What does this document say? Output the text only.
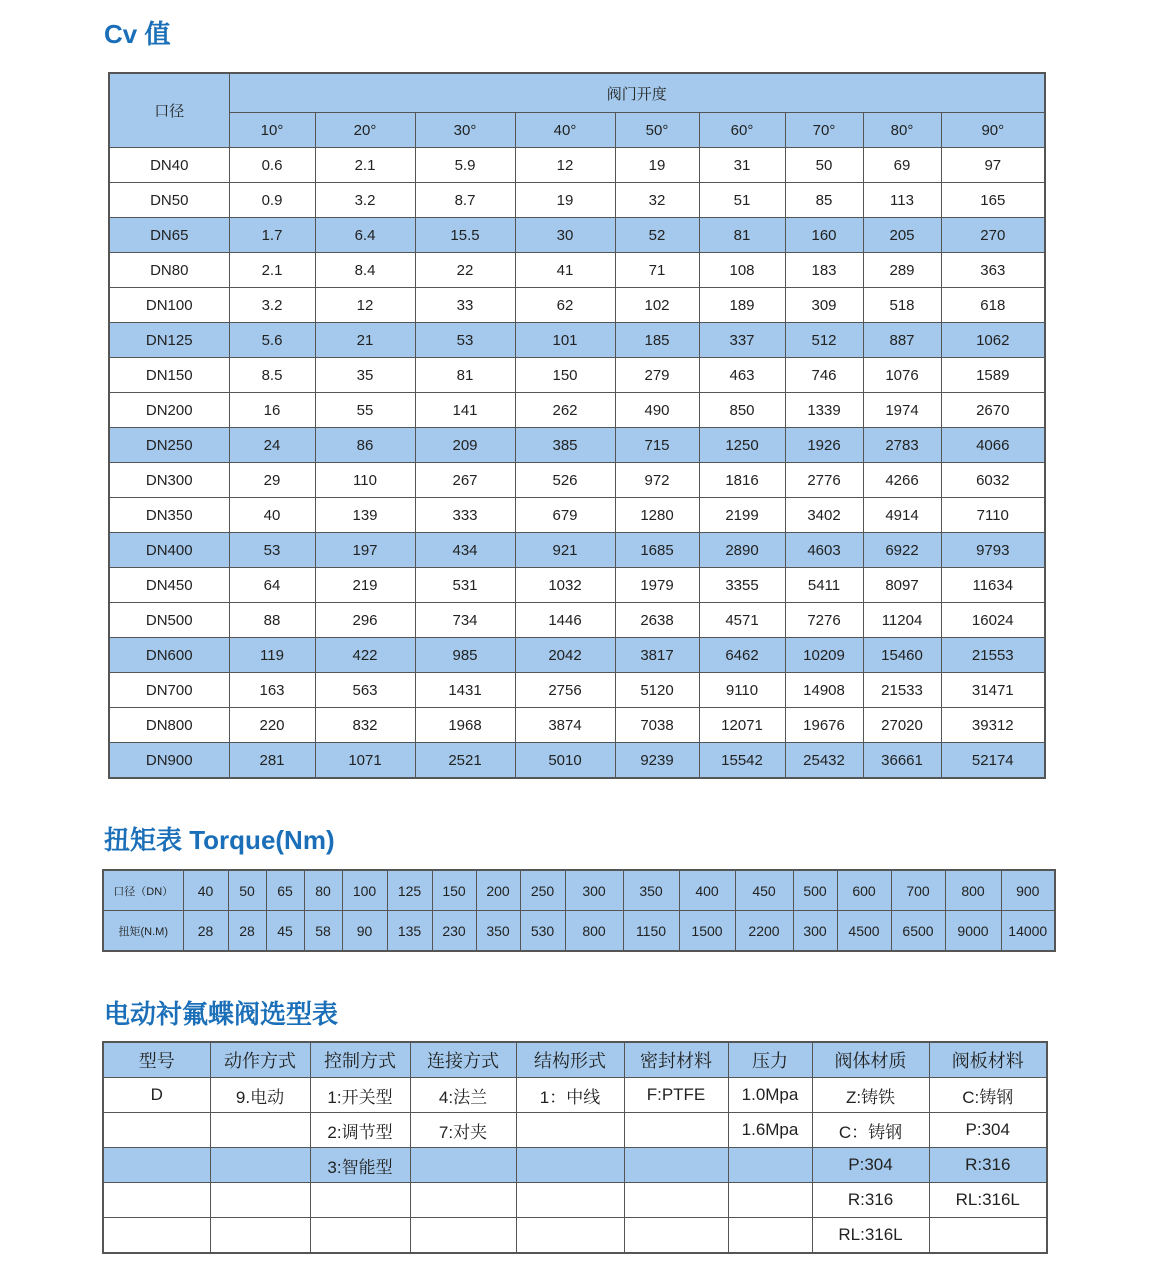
Cv 值
口径	阀门开度								
	10°	20°	30°	40°	50°	60°	70°	80°	90°
DN40	0.6	2.1	5.9	12	19	31	50	69	97
DN50	0.9	3.2	8.7	19	32	51	85	113	165
DN65	1.7	6.4	15.5	30	52	81	160	205	270
DN80	2.1	8.4	22	41	71	108	183	289	363
DN100	3.2	12	33	62	102	189	309	518	618
DN125	5.6	21	53	101	185	337	512	887	1062
DN150	8.5	35	81	150	279	463	746	1076	1589
DN200	16	55	141	262	490	850	1339	1974	2670
DN250	24	86	209	385	715	1250	1926	2783	4066
DN300	29	110	267	526	972	1816	2776	4266	6032
DN350	40	139	333	679	1280	2199	3402	4914	7110
DN400	53	197	434	921	1685	2890	4603	6922	9793
DN450	64	219	531	1032	1979	3355	5411	8097	11634
DN500	88	296	734	1446	2638	4571	7276	11204	16024
DN600	119	422	985	2042	3817	6462	10209	15460	21553
DN700	163	563	1431	2756	5120	9110	14908	21533	31471
DN800	220	832	1968	3874	7038	12071	19676	27020	39312
DN900	281	1071	2521	5010	9239	15542	25432	36661	52174
扭矩表 Torque(Nm)
口径（DN）	40	50	65	80	100	125	150	200	250	300	350	400	450	500	600	700	800	900
扭矩(N.M)	28	28	45	58	90	135	230	350	530	800	1150	1500	2200	300	4500	6500	9000	14000
电动衬氟蝶阀选型表
型号	动作方式	控制方式	连接方式	结构形式	密封材料	压力	阀体材质	阀板材料
D	9.电动	1:开关型	4:法兰	1：中线	F:PTFE	1.0Mpa	Z:铸铁	C:铸钢
		2:调节型	7:对夹			1.6Mpa	C：铸钢	P:304
		3:智能型					P:304	R:316
							R:316	RL:316L
							RL:316L	
